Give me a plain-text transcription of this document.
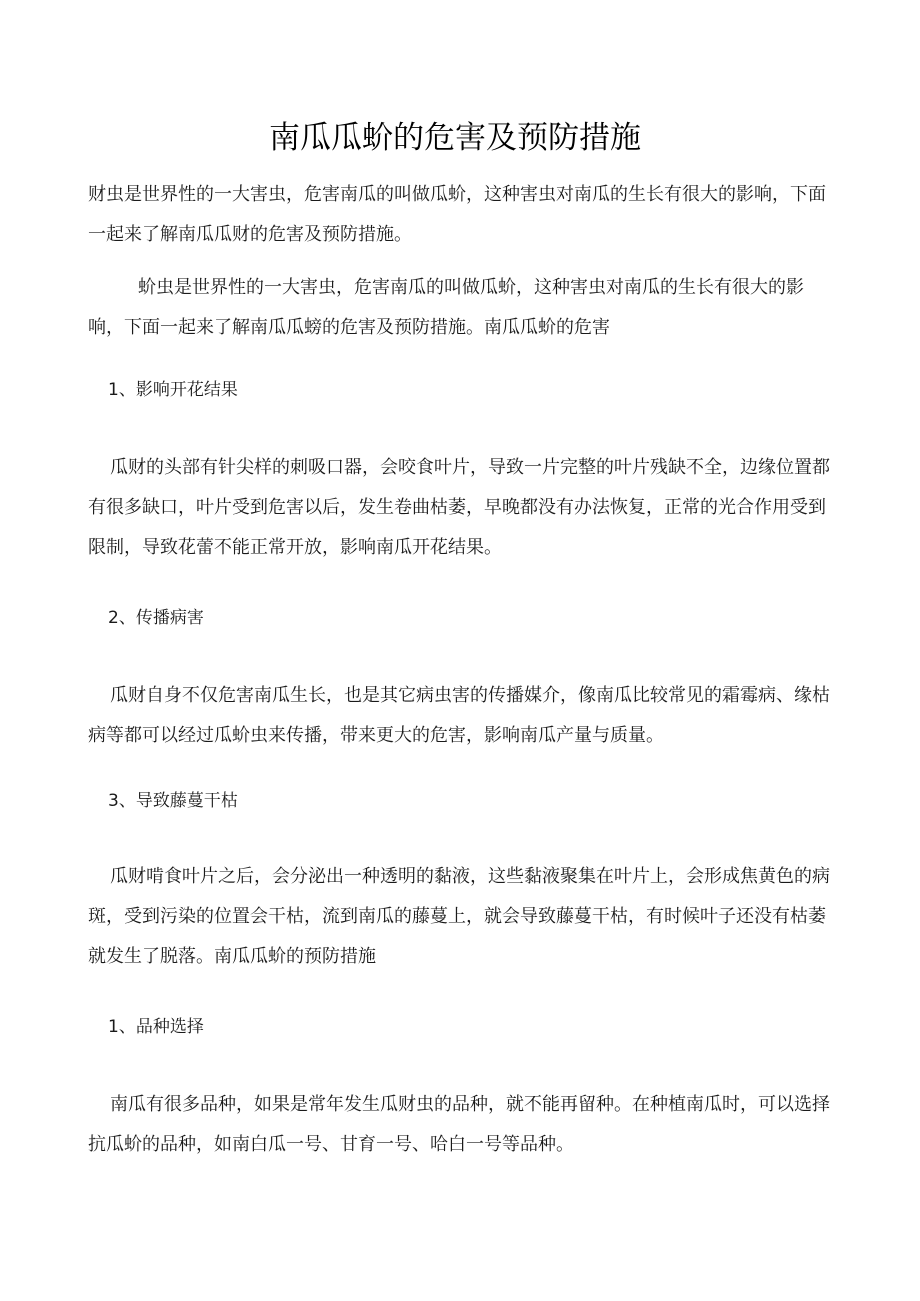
南瓜瓜蚧的危害及预防措施

财虫是世界性的一大害虫，危害南瓜的叫做瓜蚧，这种害虫对南瓜的生长有很大的影响，下面一起来了解南瓜瓜财的危害及预防措施。

蚧虫是世界性的一大害虫，危害南瓜的叫做瓜蚧，这种害虫对南瓜的生长有很大的影响，下面一起来了解南瓜瓜螃的危害及预防措施。南瓜瓜蚧的危害

1、影响开花结果

瓜财的头部有针尖样的刺吸口器，会咬食叶片，导致一片完整的叶片残缺不全，边缘位置都有很多缺口，叶片受到危害以后，发生卷曲枯萎，早晚都没有办法恢复，正常的光合作用受到限制，导致花蕾不能正常开放，影响南瓜开花结果。

2、传播病害

瓜财自身不仅危害南瓜生长，也是其它病虫害的传播媒介，像南瓜比较常见的霜霉病、缘枯病等都可以经过瓜蚧虫来传播，带来更大的危害，影响南瓜产量与质量。

3、导致藤蔓干枯

瓜财啃食叶片之后，会分泌出一种透明的黏液，这些黏液聚集在叶片上，会形成焦黄色的病斑，受到污染的位置会干枯，流到南瓜的藤蔓上，就会导致藤蔓干枯，有时候叶子还没有枯萎就发生了脱落。南瓜瓜蚧的预防措施

1、品种选择

南瓜有很多品种，如果是常年发生瓜财虫的品种，就不能再留种。在种植南瓜时，可以选择抗瓜蚧的品种，如南白瓜一号、甘育一号、哈白一号等品种。
